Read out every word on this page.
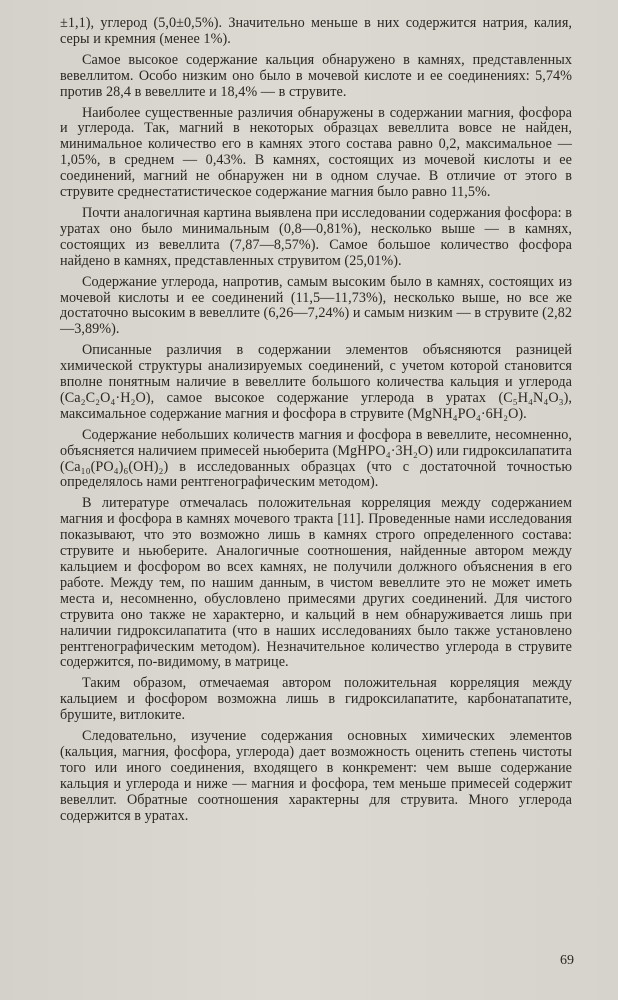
±1,1), углерод (5,0±0,5%). Значительно меньше в них содержится натрия, калия, серы и кремния (менее 1%).

Самое высокое содержание кальция обнаружено в камнях, представленных вевеллитом. Особо низким оно было в мочевой кислоте и ее соединениях: 5,74% против 28,4 в вевеллите и 18,4% — в струвите.

Наиболее существенные различия обнаружены в содержании магния, фосфора и углерода. Так, магний в некоторых образцах вевеллита вовсе не найден, минимальное количество его в камнях этого состава равно 0,2, максимальное — 1,05%, в среднем — 0,43%. В камнях, состоящих из мочевой кислоты и ее соединений, магний не обнаружен ни в одном случае. В отличие от этого в струвите среднестатистическое содержание магния было равно 11,5%.

Почти аналогичная картина выявлена при исследовании содержания фосфора: в уратах оно было минимальным (0,8—0,81%), несколько выше — в камнях, состоящих из вевеллита (7,87—8,57%). Самое большое количество фосфора найдено в камнях, представленных струвитом (25,01%).

Содержание углерода, напротив, самым высоким было в камнях, состоящих из мочевой кислоты и ее соединений (11,5—11,73%), несколько выше, но все же достаточно высоким в вевеллите (6,26—7,24%) и самым низким — в струвите (2,82—3,89%).

Описанные различия в содержании элементов объясняются разницей химической структуры анализируемых соединений, с учетом которой становится вполне понятным наличие в вевеллите большого количества кальция и углерода (Ca₂C₂O₄·H₂O), самое высокое содержание углерода в уратах (C₅H₄N₄O₃), максимальное содержание магния и фосфора в струвите (MgNH₄PO₄·6H₂O).

Содержание небольших количеств магния и фосфора в вевеллите, несомненно, объясняется наличием примесей ньюберита (MgHPO₄·3H₂O) или гидроксилапатита (Ca₁₀(PO₄)₆(OH)₂) в исследованных образцах (что с достаточной точностью определялось нами рентгенографическим методом).

В литературе отмечалась положительная корреляция между содержанием магния и фосфора в камнях мочевого тракта [11]. Проведенные нами исследования показывают, что это возможно лишь в камнях строго определенного состава: струвите и ньюберите. Аналогичные соотношения, найденные автором между кальцием и фосфором во всех камнях, не получили должного объяснения в его работе. Между тем, по нашим данным, в чистом вевеллите это не может иметь места и, несомненно, обусловлено примесями других соединений. Для чистого струвита оно также не характерно, и кальций в нем обнаруживается лишь при наличии гидроксилапатита (что в наших исследованиях было также установлено рентгенографическим методом). Незначительное количество углерода в струвите содержится, по-видимому, в матрице.

Таким образом, отмечаемая автором положительная корреляция между кальцием и фосфором возможна лишь в гидроксилапатите, карбонатапатите, брушите, витлоките.

Следовательно, изучение содержания основных химических элементов (кальция, магния, фосфора, углерода) дает возможность оценить степень чистоты того или иного соединения, входящего в конкремент: чем выше содержание кальция и углерода и ниже — магния и фосфора, тем меньше примесей содержит вевеллит. Обратные соотношения характерны для струвита. Много углерода содержится в уратах.

69
